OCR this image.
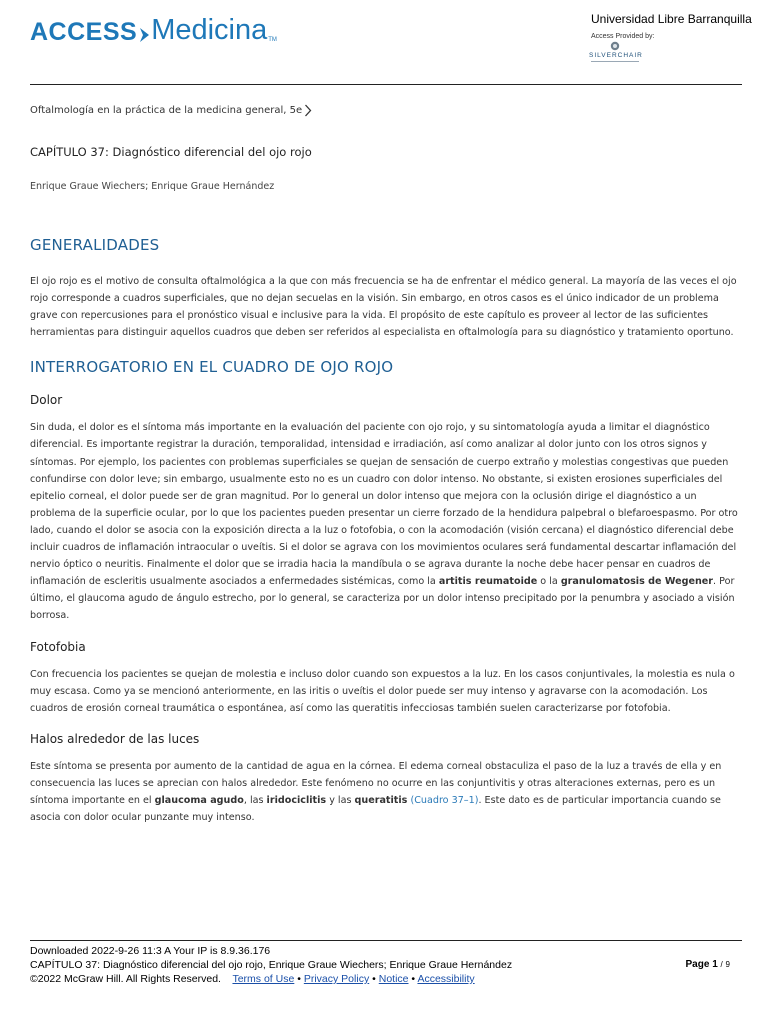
ACCESS Medicina TM
Universidad Libre Barranquilla
Access Provided by:
SILVERCHAIR
Oftalmología en la práctica de la medicina general, 5e
CAPÍTULO 37: Diagnóstico diferencial del ojo rojo
Enrique Graue Wiechers; Enrique Graue Hernández
GENERALIDADES

El ojo rojo es el motivo de consulta oftalmológica a la que con más frecuencia se ha de enfrentar el médico general. La mayoría de las veces el ojo rojo corresponde a cuadros superficiales, que no dejan secuelas en la visión. Sin embargo, en otros casos es el único indicador de un problema grave con repercusiones para el pronóstico visual e inclusive para la vida. El propósito de este capítulo es proveer al lector de las suficientes herramientas para distinguir aquellos cuadros que deben ser referidos al especialista en oftalmología para su diagnóstico y tratamiento oportuno.

INTERROGATORIO EN EL CUADRO DE OJO ROJO
Dolor

Sin duda, el dolor es el síntoma más importante en la evaluación del paciente con ojo rojo, y su sintomatología ayuda a limitar el diagnóstico diferencial. Es importante registrar la duración, temporalidad, intensidad e irradiación, así como analizar al dolor junto con los otros signos y síntomas. Por ejemplo, los pacientes con problemas superficiales se quejan de sensación de cuerpo extraño y molestias congestivas que pueden confundirse con dolor leve; sin embargo, usualmente esto no es un cuadro con dolor intenso. No obstante, si existen erosiones superficiales del epitelio corneal, el dolor puede ser de gran magnitud. Por lo general un dolor intenso que mejora con la oclusión dirige el diagnóstico a un problema de la superficie ocular, por lo que los pacientes pueden presentar un cierre forzado de la hendidura palpebral o blefaroespasmo. Por otro lado, cuando el dolor se asocia con la exposición directa a la luz o fotofobia, o con la acomodación (visión cercana) el diagnóstico diferencial debe incluir cuadros de inflamación intraocular o uveítis. Si el dolor se agrava con los movimientos oculares será fundamental descartar inflamación del nervio óptico o neuritis. Finalmente el dolor que se irradia hacia la mandíbula o se agrava durante la noche debe hacer pensar en cuadros de inflamación de escleritis usualmente asociados a enfermedades sistémicas, como la artitis reumatoide o la granulomatosis de Wegener. Por último, el glaucoma agudo de ángulo estrecho, por lo general, se caracteriza por un dolor intenso precipitado por la penumbra y asociado a visión borrosa.

Fotofobia

Con frecuencia los pacientes se quejan de molestia e incluso dolor cuando son expuestos a la luz. En los casos conjuntivales, la molestia es nula o muy escasa. Como ya se mencionó anteriormente, en las iritis o uveítis el dolor puede ser muy intenso y agravarse con la acomodación. Los cuadros de erosión corneal traumática o espontánea, así como las queratitis infecciosas también suelen caracterizarse por fotofobia.

Halos alrededor de las luces

Este síntoma se presenta por aumento de la cantidad de agua en la córnea. El edema corneal obstaculiza el paso de la luz a través de ella y en consecuencia las luces se aprecian con halos alrededor. Este fenómeno no ocurre en las conjuntivitis y otras alteraciones externas, pero es un síntoma importante en el glaucoma agudo, las iridociclitis y las queratitis (Cuadro 37–1). Este dato es de particular importancia cuando se asocia con dolor ocular punzante muy intenso.

Downloaded 2022-9-26 11:3 A Your IP is 8.9.36.176
CAPÍTULO 37: Diagnóstico diferencial del ojo rojo, Enrique Graue Wiechers; Enrique Graue Hernández
©2022 McGraw Hill. All Rights Reserved. Terms of Use • Privacy Policy • Notice • Accessibility
Page 1 / 9
